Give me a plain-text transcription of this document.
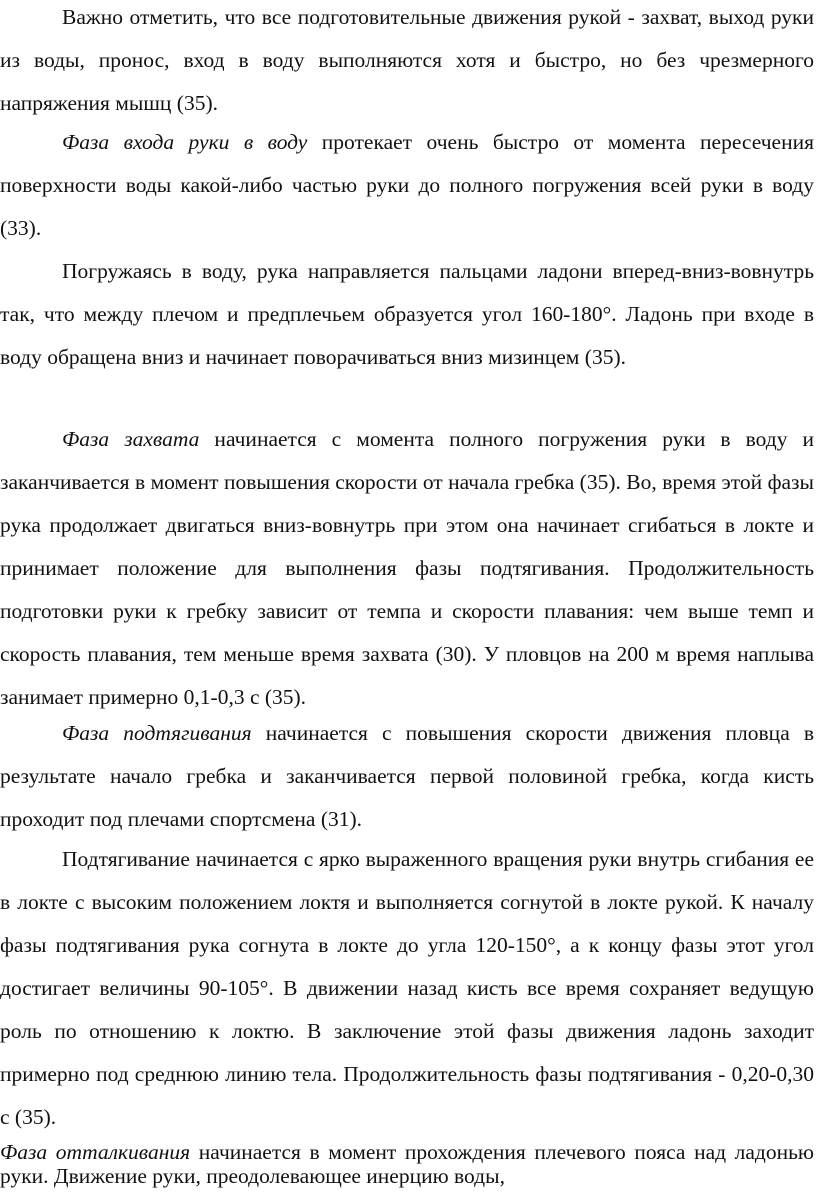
Важно отметить, что все подготовительные движения рукой - захват, выход руки из воды, пронос, вход в воду выполняются хотя и быстро, но без чрезмерного напряжения мышц (35).

Фаза входа руки в воду протекает очень быстро от момента пересечения поверхности воды какой-либо частью руки до полного погружения всей руки в воду (33).

Погружаясь в воду, рука направляется пальцами ладони вперед-вниз-вовнутрь так, что между плечом и предплечьем образуется угол 160-180°. Ладонь при входе в воду обращена вниз и начинает поворачиваться вниз мизинцем (35).

Фаза захвата начинается с момента полного погружения руки в воду и заканчивается в момент повышения скорости от начала гребка (35). Во, время этой фазы рука продолжает двигаться вниз-вовнутрь при этом она начинает сгибаться в локте и принимает положение для выполнения фазы подтягивания. Продолжительность подготовки руки к гребку зависит от темпа и скорости плавания: чем выше темп и скорость плавания, тем меньше время захвата (30). У пловцов на 200 м время наплыва занимает примерно 0,1-0,3 с (35).

Фаза подтягивания начинается с повышения скорости движения пловца в результате начало гребка и заканчивается первой половиной гребка, когда кисть проходит под плечами спортсмена (31).

Подтягивание начинается с ярко выраженного вращения руки внутрь сгибания ее в локте с высоким положением локтя и выполняется согнутой в локте рукой. К началу фазы подтягивания рука согнута в локте до угла 120-150°, а к концу фазы этот угол достигает величины 90-105°. В движении назад кисть все время сохраняет ведущую роль по отношению к локтю. В заключение этой фазы движения ладонь заходит примерно под среднюю линию тела. Продолжительность фазы подтягивания - 0,20-0,30 с (35).

Фаза отталкивания начинается в момент прохождения плечевого пояса над ладонью руки. Движение руки, преодолевающее инерцию воды,
